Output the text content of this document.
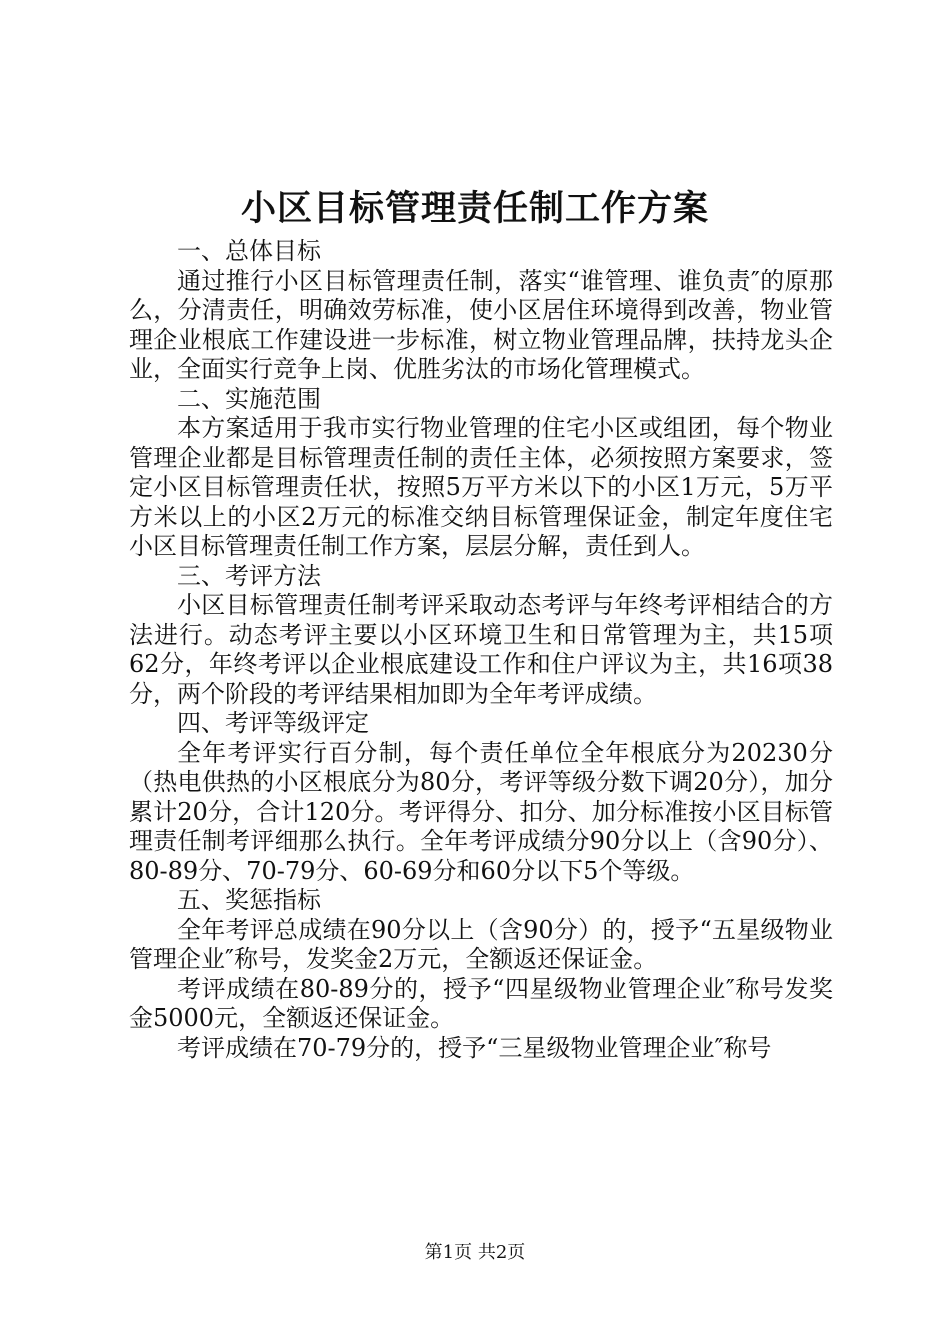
小区目标管理责任制工作方案

一、总体目标

通过推行小区目标管理责任制，落实“谁管理、谁负责″的原那么，分清责任，明确效劳标准，使小区居住环境得到改善，物业管理企业根底工作建设进一步标准，树立物业管理品牌，扶持龙头企业，全面实行竞争上岗、优胜劣汰的市场化管理模式。

二、实施范围

本方案适用于我市实行物业管理的住宅小区或组团，每个物业管理企业都是目标管理责任制的责任主体，必须按照方案要求，签定小区目标管理责任状，按照5万平方米以下的小区1万元，5万平方米以上的小区2万元的标准交纳目标管理保证金，制定年度住宅小区目标管理责任制工作方案，层层分解，责任到人。

三、考评方法

小区目标管理责任制考评采取动态考评与年终考评相结合的方法进行。动态考评主要以小区环境卫生和日常管理为主，共15项62分，年终考评以企业根底建设工作和住户评议为主，共16项38分，两个阶段的考评结果相加即为全年考评成绩。

四、考评等级评定

全年考评实行百分制，每个责任单位全年根底分为20230分（热电供热的小区根底分为80分，考评等级分数下调20分），加分累计20分，合计120分。考评得分、扣分、加分标准按小区目标管理责任制考评细那么执行。全年考评成绩分90分以上（含90分）、80-89分、70-79分、60-69分和60分以下5个等级。

五、奖惩指标

全年考评总成绩在90分以上（含90分）的，授予“五星级物业管理企业″称号，发奖金2万元，全额返还保证金。

考评成绩在80-89分的，授予“四星级物业管理企业″称号发奖金5000元，全额返还保证金。

考评成绩在70-79分的，授予“三星级物业管理企业″称号

第1页 共2页
